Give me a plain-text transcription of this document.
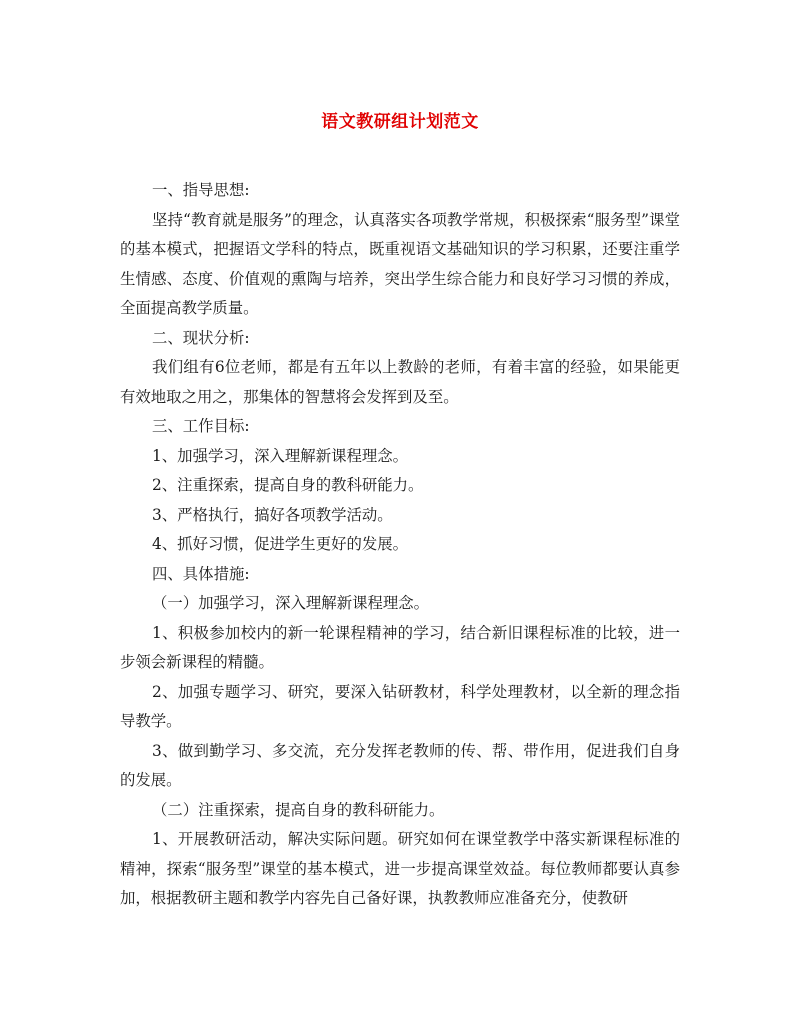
语文教研组计划范文

一、指导思想:

坚持“教育就是服务”的理念，认真落实各项教学常规，积极探索“服务型”课堂的基本模式，把握语文学科的特点，既重视语文基础知识的学习积累，还要注重学生情感、态度、价值观的熏陶与培养，突出学生综合能力和良好学习习惯的养成，全面提高教学质量。

二、现状分析:

我们组有6位老师，都是有五年以上教龄的老师，有着丰富的经验，如果能更有效地取之用之，那集体的智慧将会发挥到及至。

三、工作目标:

1、加强学习，深入理解新课程理念。

2、注重探索，提高自身的教科研能力。

3、严格执行，搞好各项教学活动。

4、抓好习惯，促进学生更好的发展。

四、具体措施:

（一）加强学习，深入理解新课程理念。

1、积极参加校内的新一轮课程精神的学习，结合新旧课程标准的比较，进一步领会新课程的精髓。

2、加强专题学习、研究，要深入钻研教材，科学处理教材，以全新的理念指导教学。

3、做到勤学习、多交流，充分发挥老教师的传、帮、带作用，促进我们自身的发展。

（二）注重探索，提高自身的教科研能力。

1、开展教研活动，解决实际问题。研究如何在课堂教学中落实新课程标准的精神，探索“服务型”课堂的基本模式，进一步提高课堂效益。每位教师都要认真参加，根据教研主题和教学内容先自己备好课，执教教师应准备充分，使教研
